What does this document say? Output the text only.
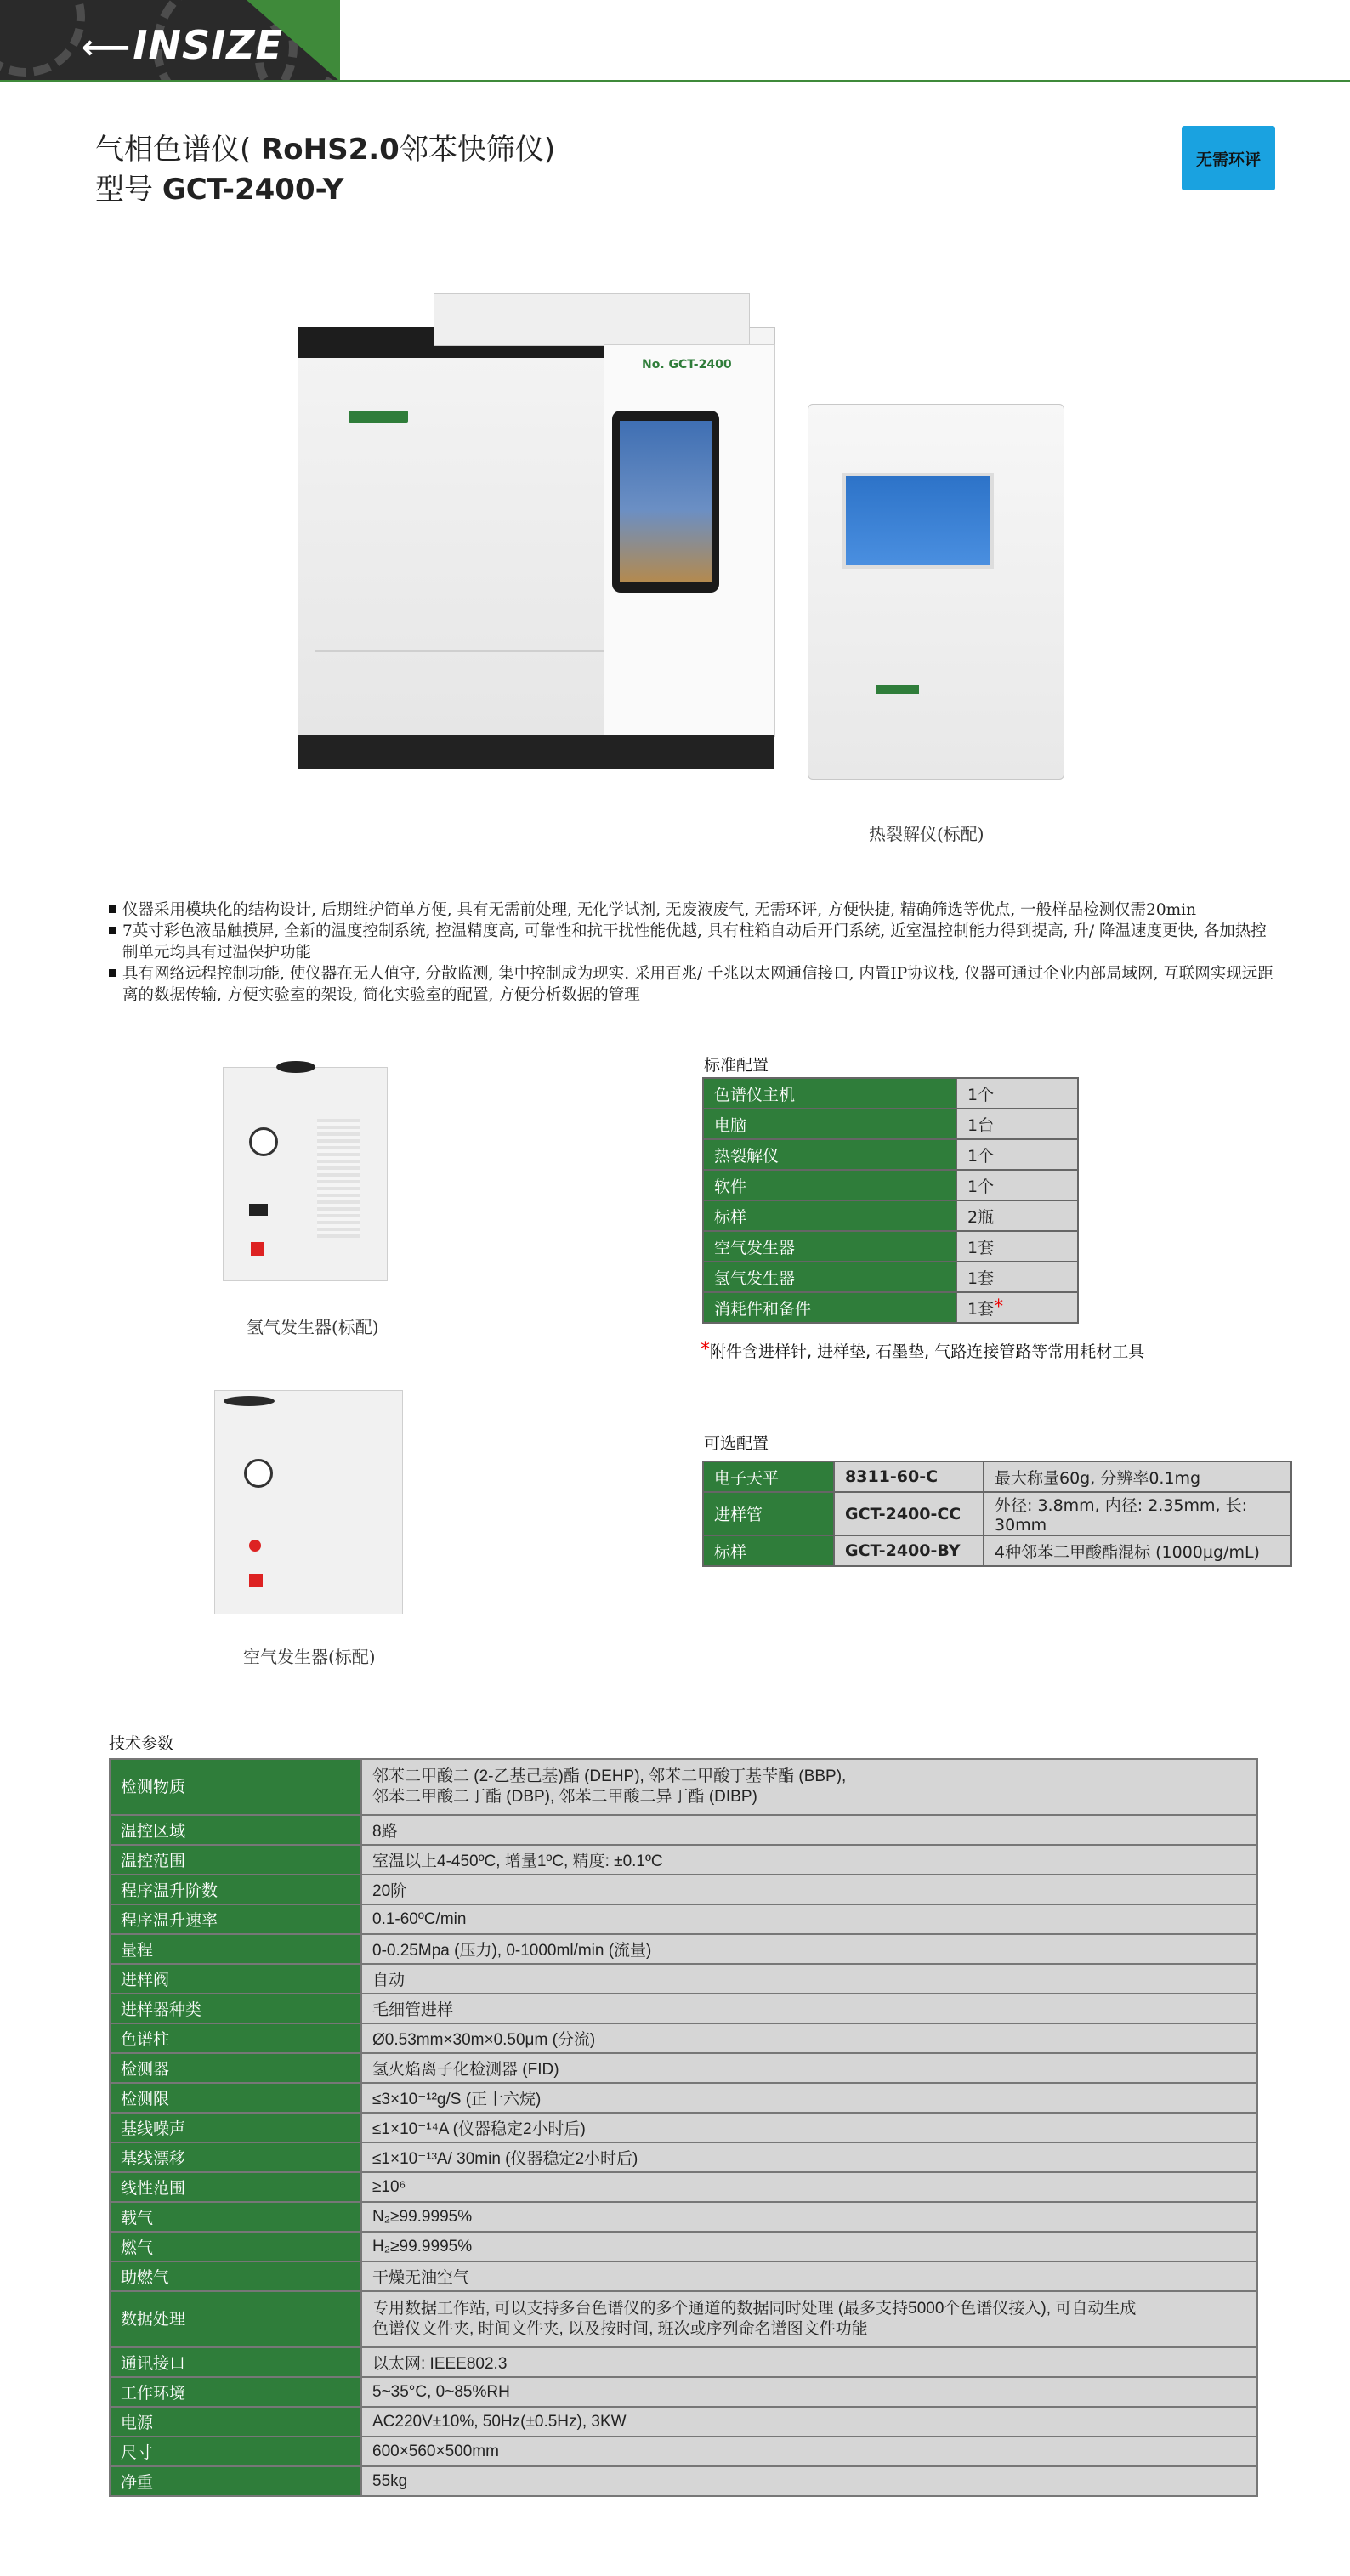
⟵INSIZE
气相色谱仪( RoHS2.0邻苯快筛仪)
型号 GCT-2400-Y
无需环评
No. GCT-2400
热裂解仪(标配)
仪器采用模块化的结构设计, 后期维护简单方便, 具有无需前处理, 无化学试剂, 无废液废气, 无需环评, 方便快捷, 精确筛选等优点, 一般样品检测仅需20min
7英寸彩色液晶触摸屏, 全新的温度控制系统, 控温精度高, 可靠性和抗干扰性能优越, 具有柱箱自动后开门系统, 近室温控制能力得到提高, 升/ 降温速度更快, 各加热控制单元均具有过温保护功能
具有网络远程控制功能, 使仪器在无人值守, 分散监测, 集中控制成为现实. 采用百兆/ 千兆以太网通信接口, 内置IP协议栈, 仪器可通过企业内部局域网, 互联网实现远距离的数据传输, 方便实验室的架设, 简化实验室的配置, 方便分析数据的管理
氢气发生器(标配)
空气发生器(标配)
标准配置
色谱仪主机	1个
电脑	1台
热裂解仪	1个
软件	1个
标样	2瓶
空气发生器	1套
氢气发生器	1套
消耗件和备件	1套*
*附件含进样针, 进样垫, 石墨垫, 气路连接管路等常用耗材工具
可选配置
电子天平	8311-60-C	最大称量60g, 分辨率0.1mg
进样管	GCT-2400-CC	外径: 3.8mm, 内径: 2.35mm, 长: 30mm
标样	GCT-2400-BY	4种邻苯二甲酸酯混标 (1000μg/mL)
技术参数
检测物质	邻苯二甲酸二 (2-乙基己基)酯 (DEHP), 邻苯二甲酸丁基苄酯 (BBP),
邻苯二甲酸二丁酯 (DBP), 邻苯二甲酸二异丁酯 (DIBP)

温控区域	8路
温控范围	室温以上4-450ºC, 增量1ºC, 精度: ±0.1ºC
程序温升阶数	20阶
程序温升速率	0.1-60ºC/min
量程	0-0.25Mpa (压力), 0-1000ml/min (流量)
进样阀	自动
进样器种类	毛细管进样
色谱柱	Ø0.53mm×30m×0.50μm (分流)
检测器	氢火焰离子化检测器 (FID)
检测限	≤3×10⁻¹²g/S (正十六烷)
基线噪声	≤1×10⁻¹⁴A (仪器稳定2小时后)
基线漂移	≤1×10⁻¹³A/ 30min (仪器稳定2小时后)
线性范围	≥10⁶
载气	N₂≥99.9995%
燃气	H₂≥99.9995%
助燃气	干燥无油空气
数据处理	专用数据工作站, 可以支持多台色谱仪的多个通道的数据同时处理 (最多支持5000个色谱仪接入), 可自动生成
色谱仪文件夹, 时间文件夹, 以及按时间, 班次或序列命名谱图文件功能

通讯接口	以太网: IEEE802.3
工作环境	5~35°C, 0~85%RH
电源	AC220V±10%, 50Hz(±0.5Hz), 3KW
尺寸	600×560×500mm
净重	55kg
